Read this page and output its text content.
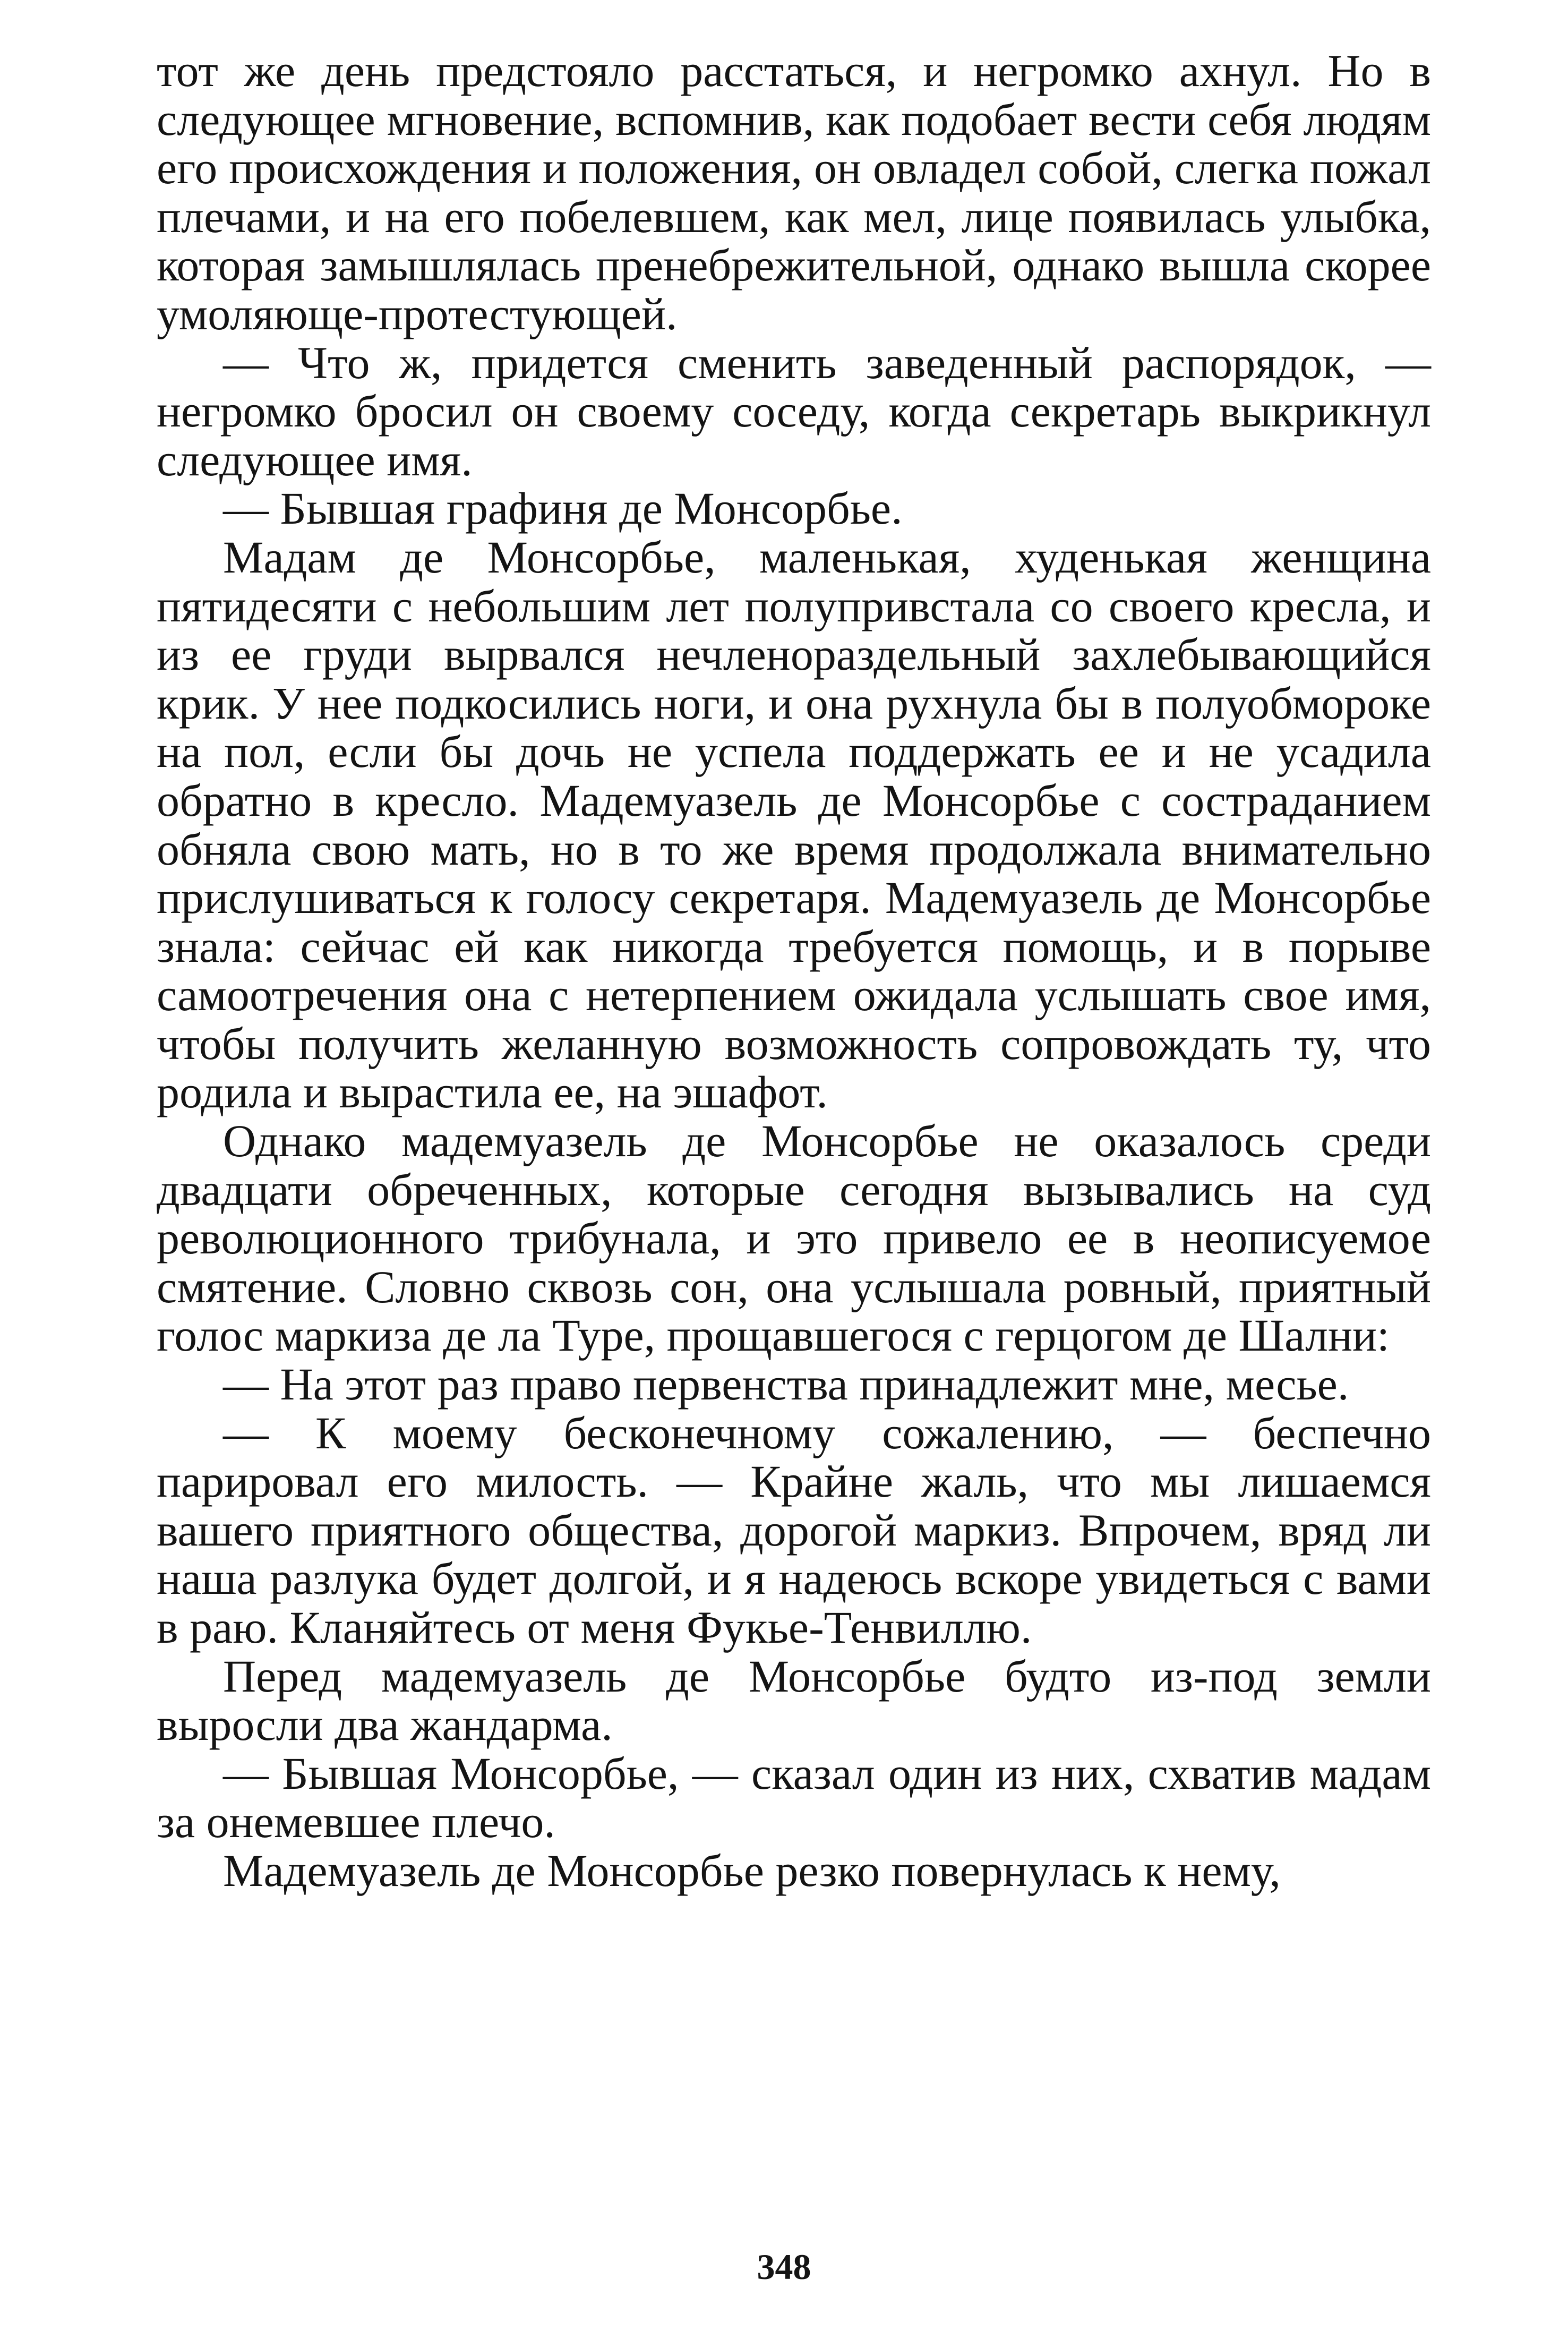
тот же день предстояло расстаться, и негромко ахнул. Но в следующее мгновение, вспомнив, как подобает вести себя людям его происхождения и положения, он овладел собой, слегка пожал плечами, и на его побелевшем, как мел, лице появилась улыбка, которая замышлялась пренебрежительной, однако вышла скорее умоляюще-протестующей.

— Что ж, придется сменить заведенный распорядок, — негромко бросил он своему соседу, когда секретарь выкрикнул следующее имя.

— Бывшая графиня де Монсорбье.

Мадам де Монсорбье, маленькая, худенькая женщина пятидесяти с небольшим лет полупривстала со своего кресла, и из ее груди вырвался нечленораздельный захлебывающийся крик. У нее подкосились ноги, и она рухнула бы в полуобмороке на пол, если бы дочь не успела поддержать ее и не усадила обратно в кресло. Мадемуазель де Монсорбье с состраданием обняла свою мать, но в то же время продолжала внимательно прислушиваться к голосу секретаря. Мадемуазель де Монсорбье знала: сейчас ей как никогда требуется помощь, и в порыве самоотречения она с нетерпением ожидала услышать свое имя, чтобы получить желанную возможность сопровождать ту, что родила и вырастила ее, на эшафот.

Однако мадемуазель де Монсорбье не оказалось среди двадцати обреченных, которые сегодня вызывались на суд революционного трибунала, и это привело ее в неописуемое смятение. Словно сквозь сон, она услышала ровный, приятный голос маркиза де ла Туре, прощавшегося с герцогом де Шални:

— На этот раз право первенства принадлежит мне, месье.

— К моему бесконечному сожалению, — беспечно парировал его милость. — Крайне жаль, что мы лишаемся вашего приятного общества, дорогой маркиз. Впрочем, вряд ли наша разлука будет долгой, и я надеюсь вскоре увидеться с вами в раю. Кланяйтесь от меня Фукье-Тенвиллю.

Перед мадемуазель де Монсорбье будто из-под земли выросли два жандарма.

— Бывшая Монсорбье, — сказал один из них, схватив мадам за онемевшее плечо.

Мадемуазель де Монсорбье резко повернулась к нему,

348
